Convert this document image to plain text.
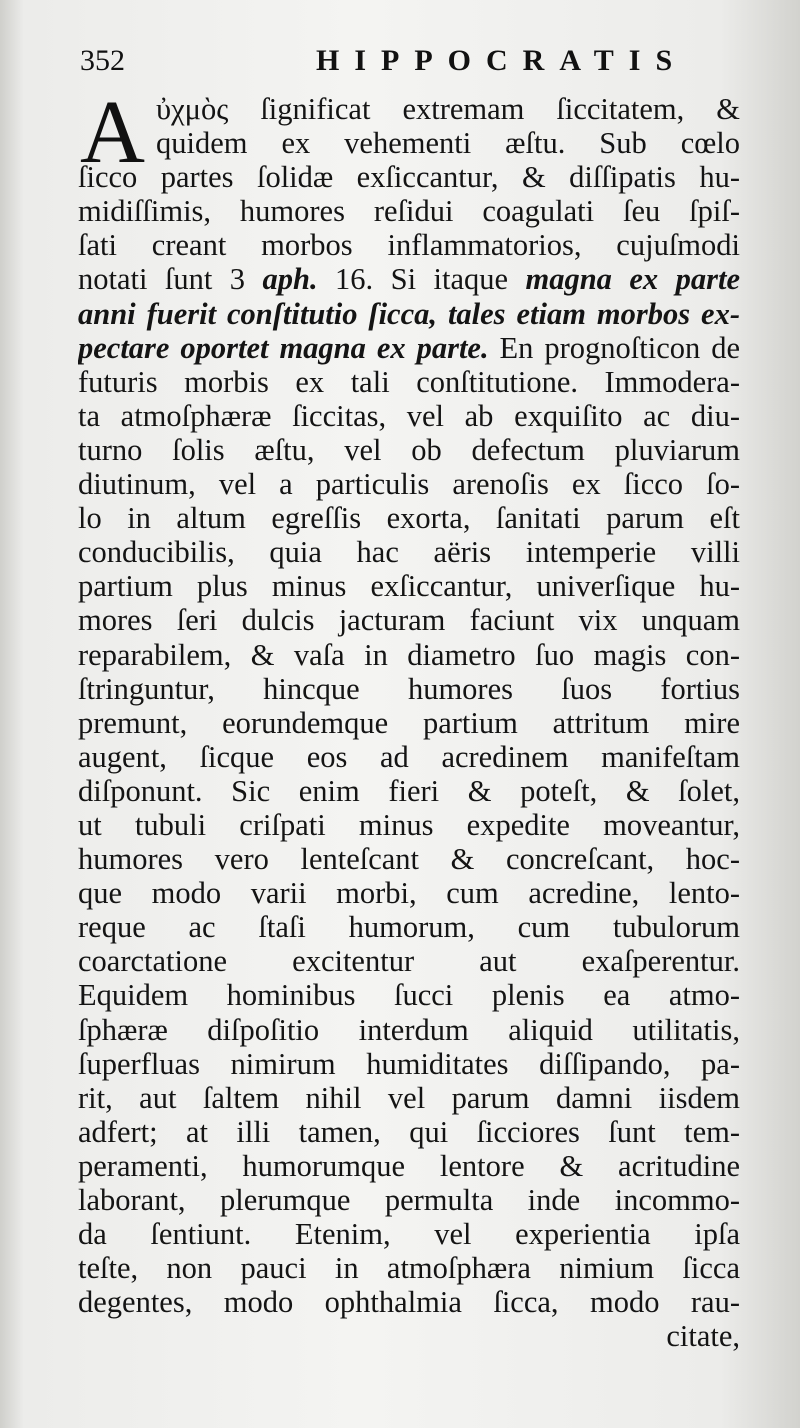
352	HIPPOCRATIS
A ὐχμὸς ſignificat extremam ſiccitatem, &
quidem ex vehementi æſtu. Sub cœlo
ſicco partes ſolidæ exſiccantur, & diſſipatis hu-
midiſſimis, humores reſidui coagulati ſeu ſpiſ-
ſati creant morbos inflammatorios, cujuſmodi
notati ſunt 3 aph. 16. Si itaque magna ex parte
anni fuerit conſtitutio ſicca, tales etiam morbos ex-
pectare oportet magna ex parte. En prognoſticon de
futuris morbis ex tali conſtitutione. Immodera-
ta atmoſphæræ ſiccitas, vel ab exquiſito ac diu-
turno ſolis æſtu, vel ob defectum pluviarum
diutinum, vel a particulis arenoſis ex ſicco ſo-
lo in altum egreſſis exorta, ſanitati parum eſt
conducibilis, quia hac aëris intemperie villi
partium plus minus exſiccantur, univerſique hu-
mores ſeri dulcis jacturam faciunt vix unquam
reparabilem, & vaſa in diametro ſuo magis con-
ſtringuntur, hincque humores ſuos fortius
premunt, eorundemque partium attritum mire
augent, ſicque eos ad acredinem manifeſtam
diſponunt. Sic enim fieri & poteſt, & ſolet,
ut tubuli criſpati minus expedite moveantur,
humores vero lenteſcant & concreſcant, hoc-
que modo varii morbi, cum acredine, lento-
reque ac ſtaſi humorum, cum tubulorum
coarctatione excitentur aut exaſperentur.
Equidem hominibus ſucci plenis ea atmo-
ſphæræ diſpoſitio interdum aliquid utilitatis,
ſuperfluas nimirum humiditates diſſipando, pa-
rit, aut ſaltem nihil vel parum damni iisdem
adfert; at illi tamen, qui ſicciores ſunt tem-
peramenti, humorumque lentore & acritudine
laborant, plerumque permulta inde incommo-
da ſentiunt. Etenim, vel experientia ipſa
teſte, non pauci in atmoſphæra nimium ſicca
degentes, modo ophthalmia ſicca, modo rau-
citate,
